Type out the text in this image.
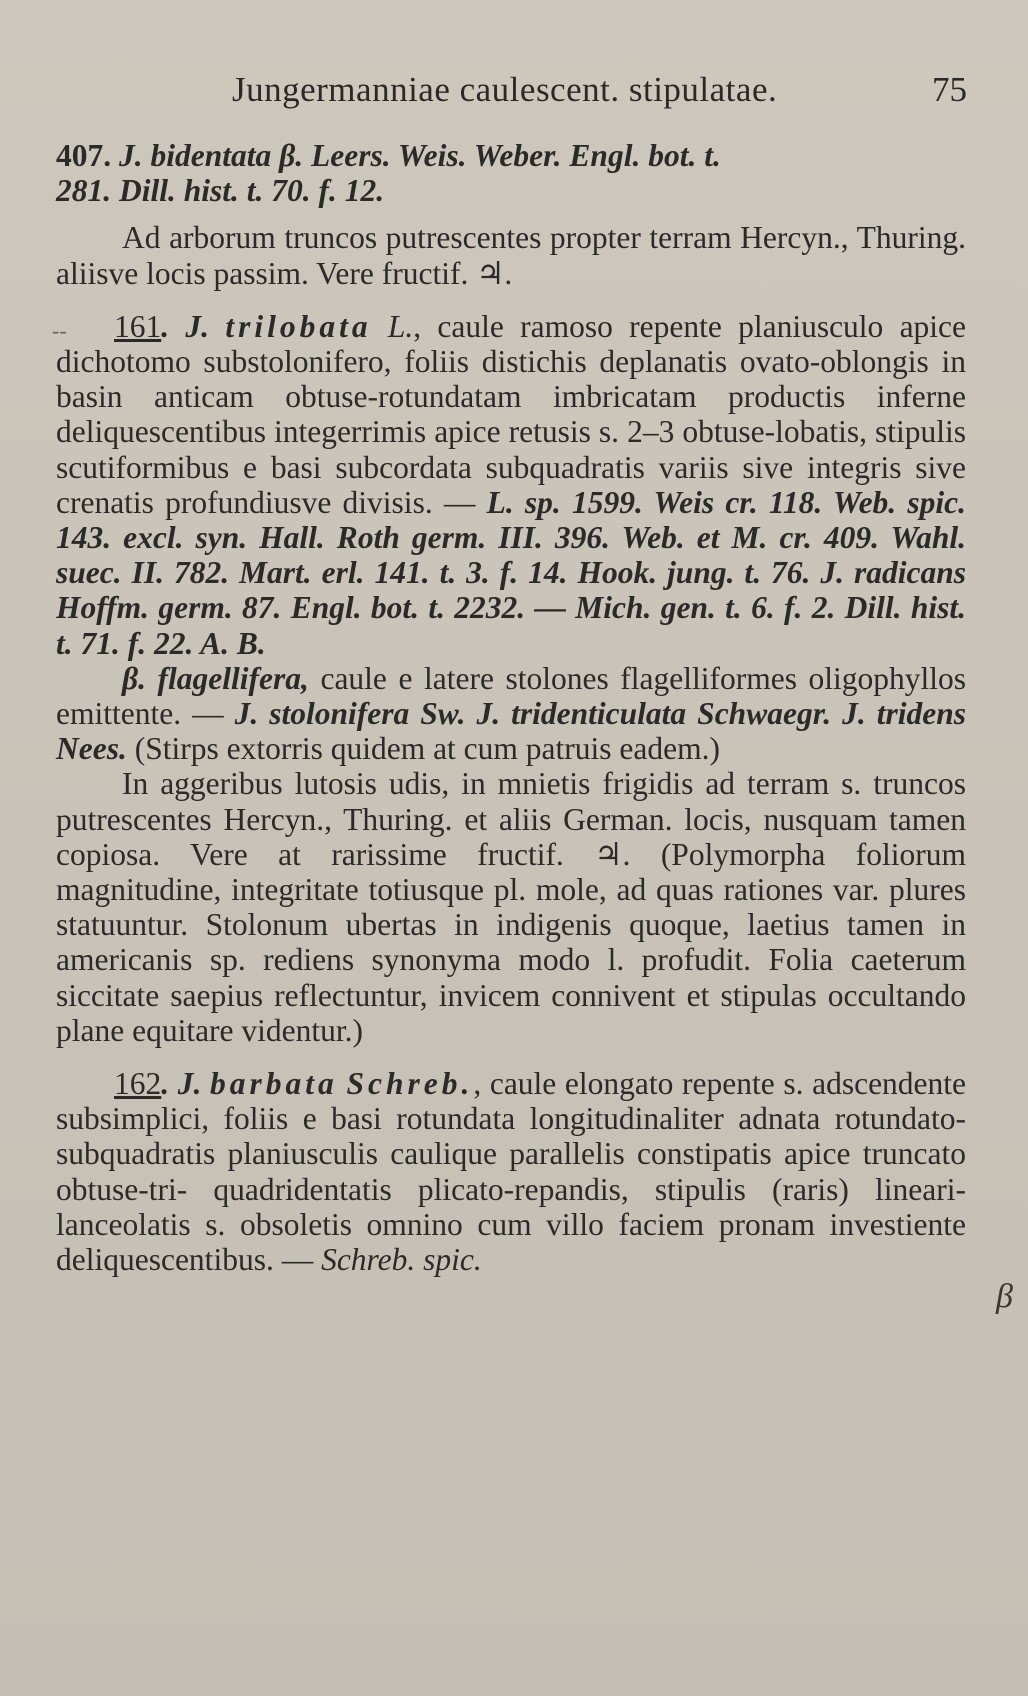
Jungermanniae caulescent. stipulatae.	75
--
β

407. J. bidentata β. Leers. Weis. Weber. Engl. bot. t.
281. Dill. hist. t. 70. f. 12.

Ad arborum truncos putrescentes propter terram Hercyn., Thuring. aliisve locis passim. Vere fructif. ♃.

161. J. trilobata L., caule ramoso repente planiusculo apice dichotomo substolonifero, foliis distichis deplanatis ovato-oblongis in basin anticam obtuse-rotundatam imbricatam productis inferne deliquescentibus integerrimis apice retusis s. 2–3 obtuse-lobatis, stipulis scutiformibus e basi subcordata subquadratis variis sive integris sive crenatis profundiusve divisis. — L. sp. 1599. Weis cr. 118. Web. spic. 143. excl. syn. Hall. Roth germ. III. 396. Web. et M. cr. 409. Wahl. suec. II. 782. Mart. erl. 141. t. 3. f. 14. Hook. jung. t. 76. J. radicans Hoffm. germ. 87. Engl. bot. t. 2232. — Mich. gen. t. 6. f. 2. Dill. hist. t. 71. f. 22. A. B.

β. flagellifera, caule e latere stolones flagelliformes oligophyllos emittente. — J. stolonifera Sw. J. tridenticulata Schwaegr. J. tridens Nees. (Stirps extorris quidem at cum patruis eadem.)

In aggeribus lutosis udis, in mnietis frigidis ad terram s. truncos putrescentes Hercyn., Thuring. et aliis German. locis, nusquam tamen copiosa. Vere at rarissime fructif. ♃. (Polymorpha foliorum magnitudine, integritate totiusque pl. mole, ad quas rationes var. plures statuuntur. Stolonum ubertas in indigenis quoque, laetius tamen in americanis sp. rediens synonyma modo l. profudit. Folia caeterum siccitate saepius reflectuntur, invicem connivent et stipulas occultando plane equitare videntur.)

162. J. barbata Schreb., caule elongato repente s. adscendente subsimplici, foliis e basi rotundata longitudinaliter adnata rotundato-subquadratis planiusculis caulique parallelis constipatis apice truncato obtuse-tri- quadridentatis plicato-repandis, stipulis (raris) lineari-lanceolatis s. obsoletis omnino cum villo faciem pronam investiente deliquescentibus. — Schreb. spic.
